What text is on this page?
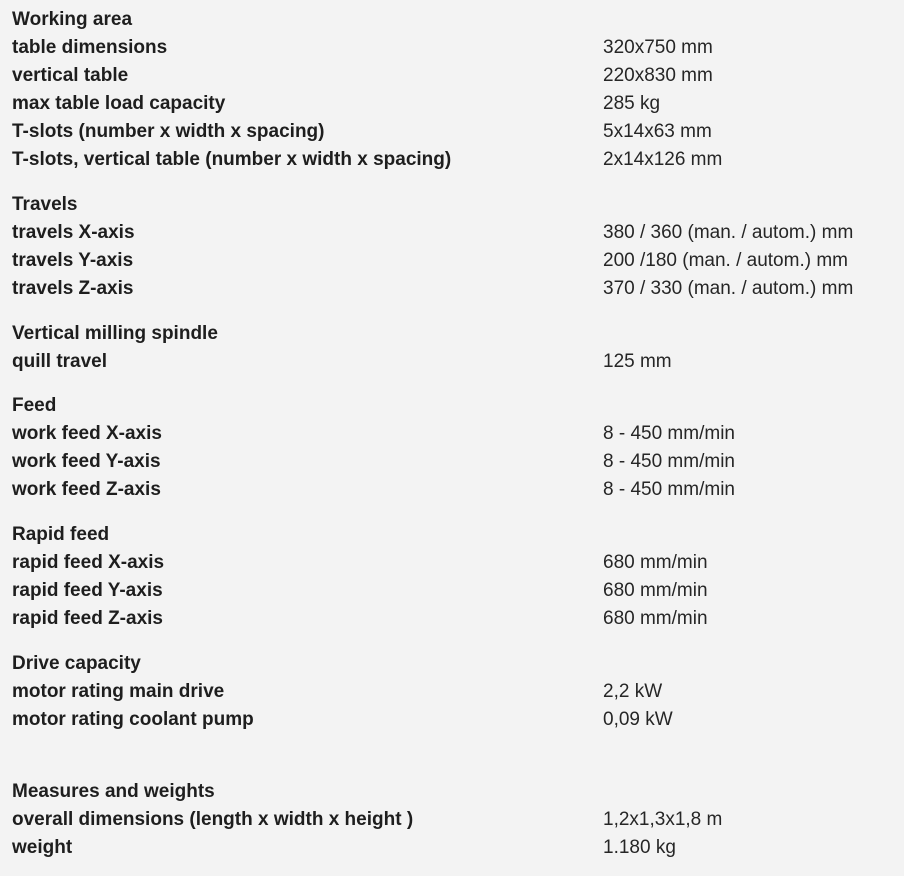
Working area
table dimensions	320x750 mm
vertical table	220x830 mm
max table load capacity	285 kg
T-slots (number x width x spacing)	5x14x63 mm
T-slots, vertical table (number x width x spacing)	2x14x126 mm
Travels
travels X-axis	380 / 360 (man. / autom.) mm
travels Y-axis	200 /180 (man. / autom.) mm
travels Z-axis	370 / 330 (man. / autom.) mm
Vertical milling spindle
quill travel	125 mm
Feed
work feed X-axis	8 - 450 mm/min
work feed Y-axis	8 - 450 mm/min
work feed Z-axis	8 - 450 mm/min
Rapid feed
rapid feed X-axis	680 mm/min
rapid feed Y-axis	680 mm/min
rapid feed Z-axis	680 mm/min
Drive capacity
motor rating main drive	2,2 kW
motor rating coolant pump	0,09 kW
Measures and weights
overall dimensions (length x width x height )	1,2x1,3x1,8 m
weight	1.180 kg
